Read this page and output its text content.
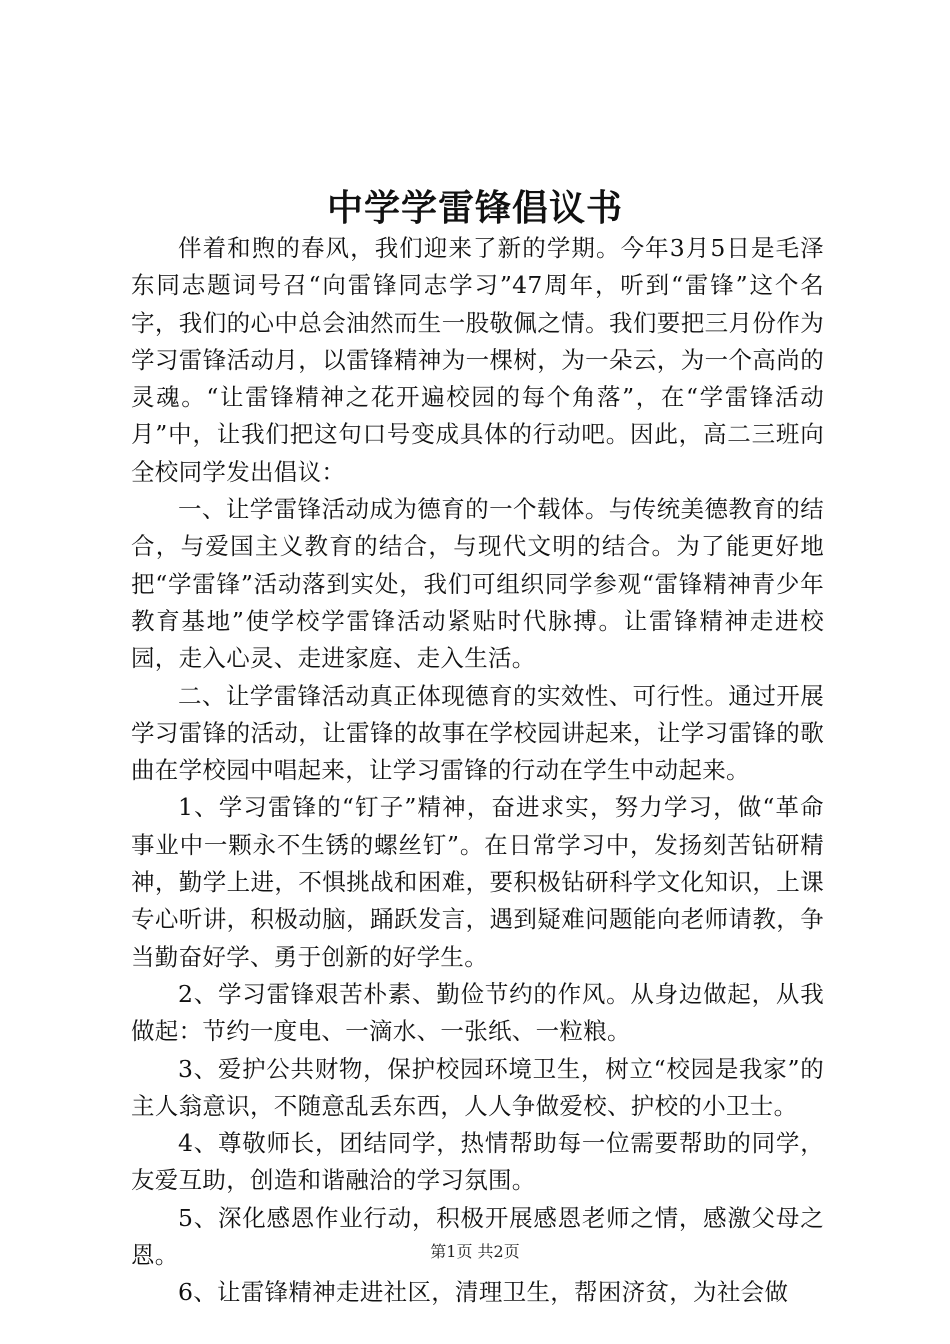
中学学雷锋倡议书

伴着和煦的春风，我们迎来了新的学期。今年3月5日是毛泽东同志题词号召“向雷锋同志学习”47周年，听到“雷锋”这个名字，我们的心中总会油然而生一股敬佩之情。我们要把三月份作为学习雷锋活动月，以雷锋精神为一棵树，为一朵云，为一个高尚的灵魂。“让雷锋精神之花开遍校园的每个角落”，在“学雷锋活动月”中，让我们把这句口号变成具体的行动吧。因此，高二三班向全校同学发出倡议：

一、让学雷锋活动成为德育的一个载体。与传统美德教育的结合，与爱国主义教育的结合，与现代文明的结合。为了能更好地把“学雷锋”活动落到实处，我们可组织同学参观“雷锋精神青少年教育基地”使学校学雷锋活动紧贴时代脉搏。让雷锋精神走进校园，走入心灵、走进家庭、走入生活。

二、让学雷锋活动真正体现德育的实效性、可行性。通过开展学习雷锋的活动，让雷锋的故事在学校园讲起来，让学习雷锋的歌曲在学校园中唱起来，让学习雷锋的行动在学生中动起来。

1、学习雷锋的“钉子”精神，奋进求实，努力学习，做“革命事业中一颗永不生锈的螺丝钉”。在日常学习中，发扬刻苦钻研精神，勤学上进，不惧挑战和困难，要积极钻研科学文化知识，上课专心听讲，积极动脑，踊跃发言，遇到疑难问题能向老师请教，争当勤奋好学、勇于创新的好学生。

2、学习雷锋艰苦朴素、勤俭节约的作风。从身边做起，从我做起：节约一度电、一滴水、一张纸、一粒粮。

3、爱护公共财物，保护校园环境卫生，树立“校园是我家”的主人翁意识，不随意乱丢东西，人人争做爱校、护校的小卫士。

4、尊敬师长，团结同学，热情帮助每一位需要帮助的同学，友爱互助，创造和谐融洽的学习氛围。

5、深化感恩作业行动，积极开展感恩老师之情，感激父母之恩。

6、让雷锋精神走进社区，清理卫生，帮困济贫，为社会做

第1页 共2页
